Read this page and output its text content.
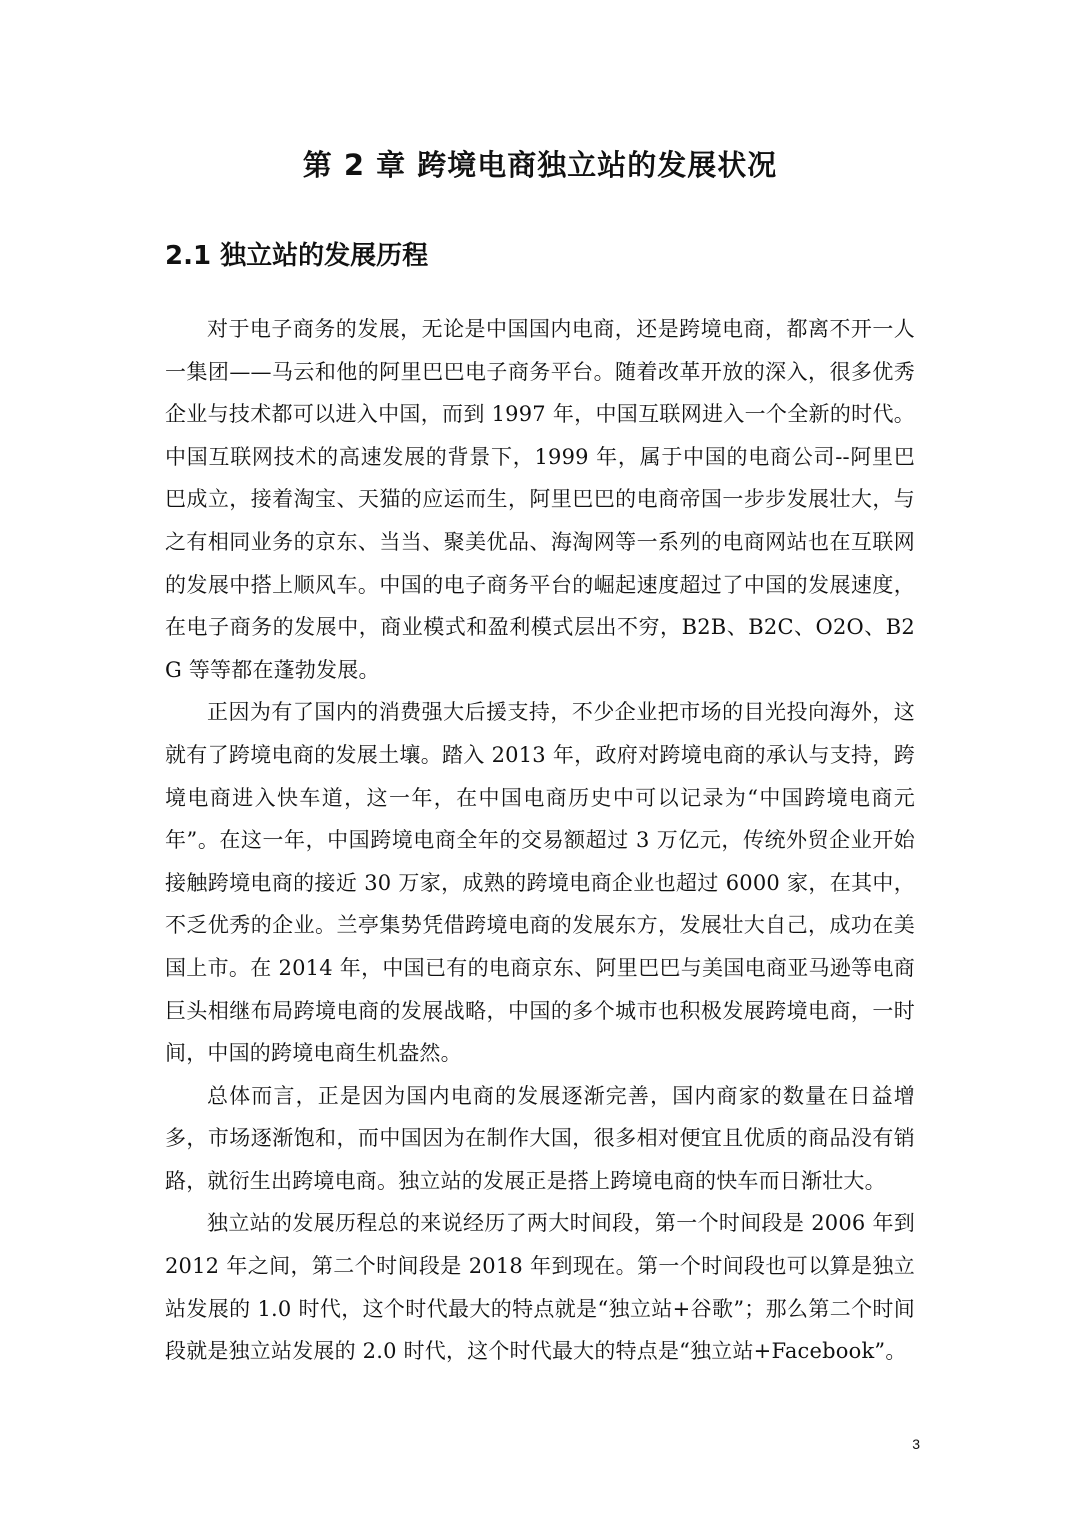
第 2 章 跨境电商独立站的发展状况
2.1 独立站的发展历程

对于电子商务的发展，无论是中国国内电商，还是跨境电商，都离不开一人一集团——马云和他的阿里巴巴电子商务平台。随着改革开放的深入，很多优秀企业与技术都可以进入中国，而到 1997 年，中国互联网进入一个全新的时代。中国互联网技术的高速发展的背景下，1999 年，属于中国的电商公司--阿里巴巴成立，接着淘宝、天猫的应运而生，阿里巴巴的电商帝国一步步发展壮大，与之有相同业务的京东、当当、聚美优品、海淘网等一系列的电商网站也在互联网的发展中搭上顺风车。中国的电子商务平台的崛起速度超过了中国的发展速度，在电子商务的发展中，商业模式和盈利模式层出不穷，B2B、B2C、O2O、B2G 等等都在蓬勃发展。

正因为有了国内的消费强大后援支持，不少企业把市场的目光投向海外，这就有了跨境电商的发展土壤。踏入 2013 年，政府对跨境电商的承认与支持，跨境电商进入快车道，这一年，在中国电商历史中可以记录为“中国跨境电商元年”。在这一年，中国跨境电商全年的交易额超过 3 万亿元，传统外贸企业开始接触跨境电商的接近 30 万家，成熟的跨境电商企业也超过 6000 家，在其中，不乏优秀的企业。兰亭集势凭借跨境电商的发展东方，发展壮大自己，成功在美国上市。在 2014 年，中国已有的电商京东、阿里巴巴与美国电商亚马逊等电商巨头相继布局跨境电商的发展战略，中国的多个城市也积极发展跨境电商，一时间，中国的跨境电商生机盎然。

总体而言，正是因为国内电商的发展逐渐完善，国内商家的数量在日益增多，市场逐渐饱和，而中国因为在制作大国，很多相对便宜且优质的商品没有销路，就衍生出跨境电商。独立站的发展正是搭上跨境电商的快车而日渐壮大。

独立站的发展历程总的来说经历了两大时间段，第一个时间段是 2006 年到 2012 年之间，第二个时间段是 2018 年到现在。第一个时间段也可以算是独立站发展的 1.0 时代，这个时代最大的特点就是“独立站+谷歌”；那么第二个时间段就是独立站发展的 2.0 时代，这个时代最大的特点是“独立站+Facebook”。

3
